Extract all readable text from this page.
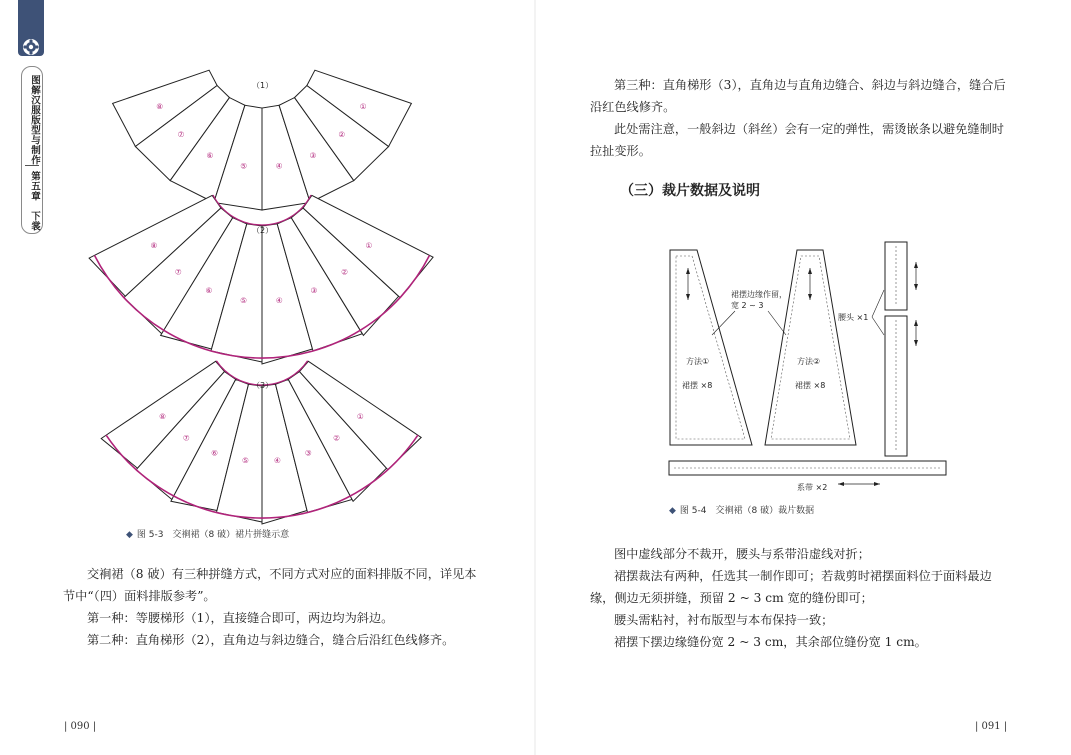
图解汉服版型与制作
第五章　下裳
⑧
⑦
⑥
⑤	④
③
②
①
⑧
⑦
⑥
⑤	④
③
②
①
⑧
⑦
⑥
⑤	④
③
②
①
（1）
（2）
（3）
◆ 图 5-3　交裥裙（8 破）裙片拼缝示意

交裥裙（8 破）有三种拼缝方式，不同方式对应的面料排版不同，详见本节中“（四）面料排版参考”。

第一种：等腰梯形（1），直接缝合即可，两边均为斜边。

第二种：直角梯形（2），直角边与斜边缝合，缝合后沿红色线修齐。

| 090 |

第三种：直角梯形（3），直角边与直角边缝合、斜边与斜边缝合，缝合后沿红色线修齐。

此处需注意，一般斜边（斜丝）会有一定的弹性，需烫嵌条以避免缝制时拉扯变形。

（三）裁片数据及说明
方法①
裙摆 ×8
方法②
裙摆 ×8
裙摆边缘作留，
宽 2 ~ 3
腰头 ×1
系带 ×2
◆ 图 5-4　交裥裙（8 破）裁片数据

图中虚线部分不裁开，腰头与系带沿虚线对折；

裙摆裁法有两种，任选其一制作即可；若裁剪时裙摆面料位于面料最边缘，侧边无须拼缝，预留 2 ~ 3 cm 宽的缝份即可；

腰头需粘衬，衬布版型与本布保持一致；

裙摆下摆边缘缝份宽 2 ~ 3 cm，其余部位缝份宽 1 cm。

| 091 |
